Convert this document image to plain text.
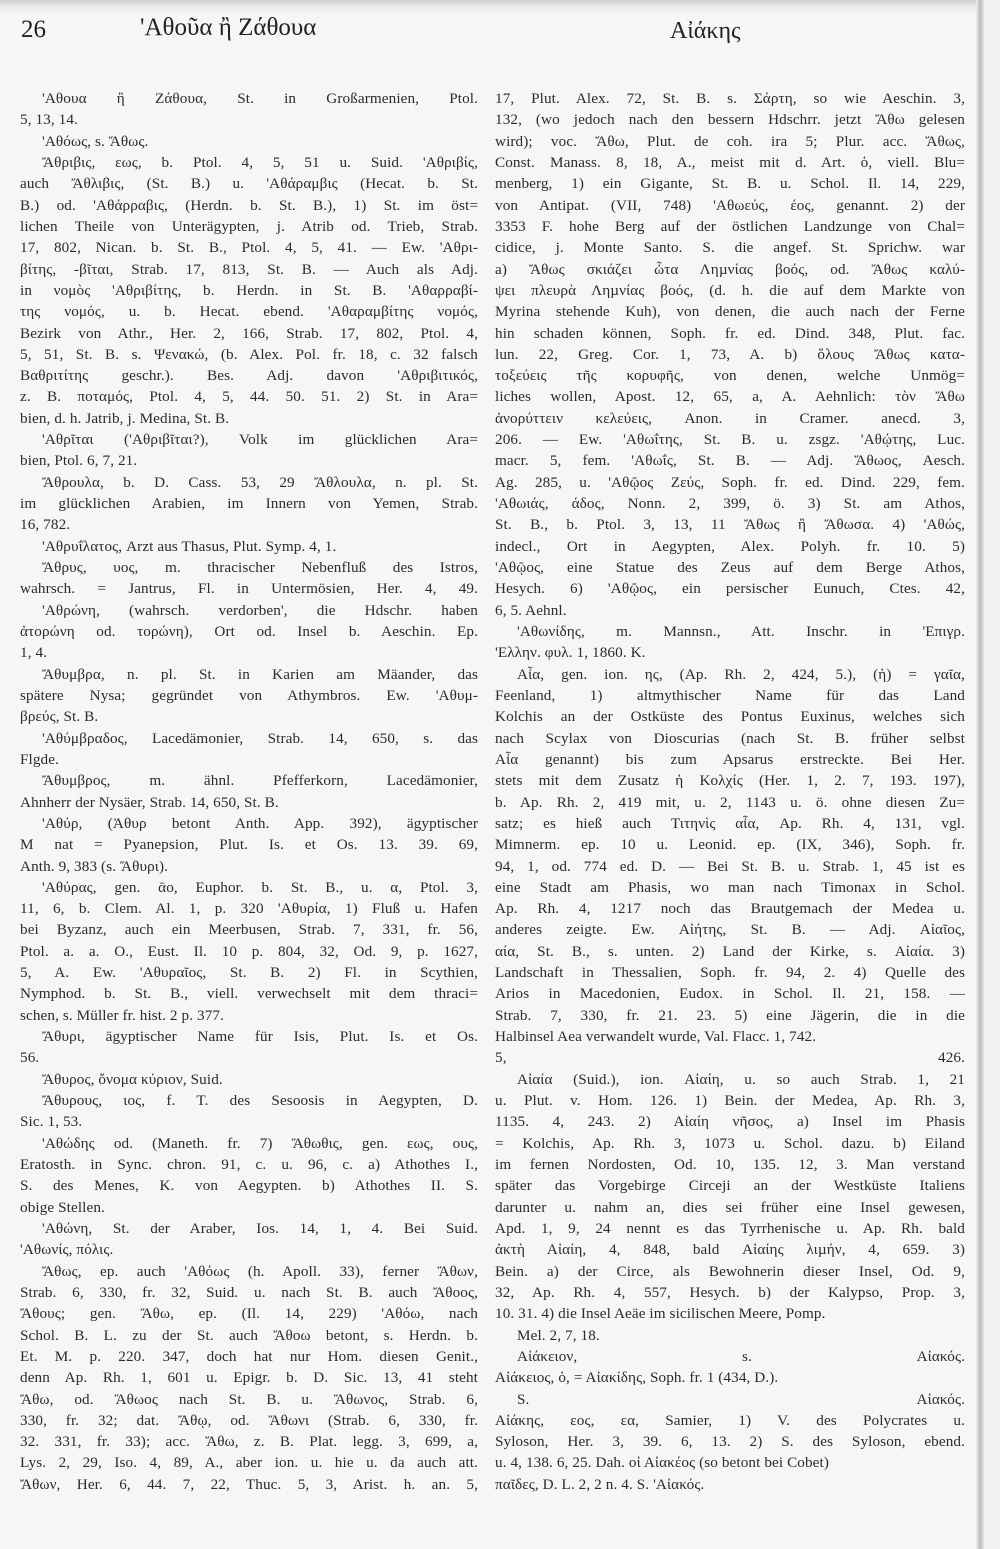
26	'Αθοῦα ἢ Ζάθουα	Αἰάκης
'Αθουα ἢ Ζάθουα, St. in Großarmenien, Ptol.
5, 13, 14.
'Αθόως, s. Ἄθως.
Ἄθριβις, εως, b. Ptol. 4, 5, 51 u. Suid. 'Αθριβίς,
auch Ἄθλιβις, (St. B.) u. 'Αθάραμβις (Hecat. b. St.
B.) od. 'Αθάρραβις, (Herdn. b. St. B.), 1) St. im öst=
lichen Theile von Unterägypten, j. Atrib od. Trieb, Strab.
17, 802, Nican. b. St. B., Ptol. 4, 5, 41. — Ew. 'Αθρι-
βίτης, -βῖται, Strab. 17, 813, St. B. — Auch als Adj.
in νομὸς 'Αθριβίτης, b. Herdn. in St. B. 'Αθαρραβί-
της νομός, u. b. Hecat. ebend. 'Αθαραμβίτης νομός,
Bezirk von Athr., Her. 2, 166, Strab. 17, 802, Ptol. 4,
5, 51, St. B. s. Ψενακώ, (b. Alex. Pol. fr. 18, c. 32 falsch
Βαθριτίτης geschr.). Bes. Adj. davon 'Αθριβιτικός,
z. B. ποταμός, Ptol. 4, 5, 44. 50. 51. 2) St. in Ara=
bien, d. h. Jatrib, j. Medina, St. B.
'Αθρῖται ('Αθριβῖται?), Volk im glücklichen Ara=
bien, Ptol. 6, 7, 21.
Ἄθρουλα, b. D. Cass. 53, 29 Ἄθλουλα, n. pl. St.
im glücklichen Arabien, im Innern von Yemen, Strab.
16, 782.
'Αθρυΐλατος, Arzt aus Thasus, Plut. Symp. 4, 1.
Ἄθρυς, υος, m. thracischer Nebenfluß des Istros,
wahrsch. = Jantrus, Fl. in Untermösien, Her. 4, 49.
'Αθρώνη, (wahrsch. verdorben', die Hdschr. haben
ἀτορώνη od. τορώνη), Ort od. Insel b. Aeschin. Ep.
1, 4.
Ἄθυμβρα, n. pl. St. in Karien am Mäander, das
spätere Nysa; gegründet von Athymbros. Ew. 'Αθυμ-
βρεύς, St. B.
'Αθύμβραδος, Lacedämonier, Strab. 14, 650, s. das
Flgde.
Ἄθυμβρος, m. ähnl. Pfefferkorn, Lacedämonier,
Ahnherr der Nysäer, Strab. 14, 650, St. B.
'Αθύρ, (Ἀθυρ betont Anth. App. 392), ägyptischer
M nat = Pyanepsion, Plut. Is. et Os. 13. 39. 69,
Anth. 9, 383 (s. Ἄθυρι).
'Αθύρας, gen. ᾱο, Euphor. b. St. B., u. α, Ptol. 3,
11, 6, b. Clem. Al. 1, p. 320 'Αθυρία, 1) Fluß u. Hafen
bei Byzanz, auch ein Meerbusen, Strab. 7, 331, fr. 56,
Ptol. a. a. O., Eust. Il. 10 p. 804, 32, Od. 9, p. 1627,
5, A. Ew. 'Αθυραῖος, St. B. 2) Fl. in Scythien,
Nymphod. b. St. B., viell. verwechselt mit dem thraci=
schen, s. Müller fr. hist. 2 p. 377.
Ἄθυρι, ägyptischer Name für Isis, Plut. Is. et Os.
56.
Ἄθυρος, ὄνομα κύριον, Suid.
Ἄθυρους, ιος, f. T. des Sesoosis in Aegypten, D.
Sic. 1, 53.
'Αθώδης od. (Maneth. fr. 7) Ἄθωθις, gen. εως, ους,
Eratosth. in Sync. chron. 91, c. u. 96, c. a) Athothes I.,
S. des Menes, K. von Aegypten. b) Athothes II. S.
obige Stellen.
'Αθώνη, St. der Araber, Ios. 14, 1, 4. Bei Suid.
'Αθωνίς, πόλις.
Ἄθως, ep. auch 'Αθόως (h. Apoll. 33), ferner Ἄθων,
Strab. 6, 330, fr. 32, Suid. u. nach St. B. auch Ἄθοος,
Ἄθους; gen. Ἄθω, ep. (Il. 14, 229) 'Αθόω, nach
Schol. B. L. zu der St. auch Ἄθοω betont, s. Herdn. b.
Et. M. p. 220. 347, doch hat nur Hom. diesen Genit.,
denn Ap. Rh. 1, 601 u. Epigr. b. D. Sic. 13, 41 steht
Ἄθω, od. Ἄθωος nach St. B. u. Ἄθωνος, Strab. 6,
330, fr. 32; dat. Ἄθῳ, od. Ἄθωνι (Strab. 6, 330, fr.
32. 331, fr. 33); acc. Ἄθω, z. B. Plat. legg. 3, 699, a,
Lys. 2, 29, Iso. 4, 89, A., aber ion. u. hie u. da auch att.
Ἄθων, Her. 6, 44. 7, 22, Thuc. 5, 3, Arist. h. an. 5,
17, Plut. Alex. 72, St. B. s. Σάρτη, so wie Aeschin. 3,
132, (wo jedoch nach den bessern Hdschrr. jetzt Ἄθω gelesen
wird); voc. Ἄθω, Plut. de coh. ira 5; Plur. acc. Ἄθως,
Const. Manass. 8, 18, A., meist mit d. Art. ὁ, viell. Blu=
menberg, 1) ein Gigante, St. B. u. Schol. Il. 14, 229,
von Antipat. (VII, 748) 'Αθωεύς, έος, genannt. 2) der
3353 F. hohe Berg auf der östlichen Landzunge von Chal=
cidice, j. Monte Santo. S. die angef. St. Sprichw. war
a) Ἄθως σκιάζει ὦτα Ληµνίας βοός, od. Ἄθως καλύ-
ψει πλευρὰ Ληµνίας βοός, (d. h. die auf dem Markte von
Myrina stehende Kuh), von denen, die auch nach der Ferne
hin schaden können, Soph. fr. ed. Dind. 348, Plut. fac.
lun. 22, Greg. Cor. 1, 73, A. b) ὅλους Ἄθως κατα-
τοξεύεις τῆς κορυφῆς, von denen, welche Unmög=
liches wollen, Apost. 12, 65, a, A. Aehnlich: τὸν Ἄθω
ἀνορύττειν κελεύεις, Anon. in Cramer. anecd. 3,
206. — Ew. 'Αθωΐτης, St. B. u. zsgz. 'Αθῴτης, Luc.
macr. 5, fem. 'Αθωΐς, St. B. — Adj. Ἄθωος, Aesch.
Ag. 285, u. 'Αθῷος Ζεύς, Soph. fr. ed. Dind. 229, fem.
'Αθωιάς, άδος, Nonn. 2, 399, ö. 3) St. am Athos,
St. B., b. Ptol. 3, 13, 11 Ἄθως ἢ Ἄθωσα. 4) 'Αθώς,
indecl., Ort in Aegypten, Alex. Polyh. fr. 10. 5)
'Αθῷος, eine Statue des Zeus auf dem Berge Athos,
Hesych. 6) 'Αθῷος, ein persischer Eunuch, Ctes. 42,
6, 5. Aehnl.
'Αθωνίδης, m. Mannsn., Att. Inschr. in 'Επιγρ.
'Ελλην. φυλ. 1, 1860. K.
Αἶα, gen. ion. ης, (Ap. Rh. 2, 424, 5.), (ἡ) = γαῖα,
Feenland, 1) altmythischer Name für das Land
Kolchis an der Ostküste des Pontus Euxinus, welches sich
nach Scylax von Dioscurias (nach St. B. früher selbst
Αἶα genannt) bis zum Apsarus erstreckte. Bei Her.
stets mit dem Zusatz ἡ Κολχίς (Her. 1, 2. 7, 193. 197),
b. Ap. Rh. 2, 419 mit, u. 2, 1143 u. ö. ohne diesen Zu=
satz; es hieß auch Τιτηνὶς αἶα, Ap. Rh. 4, 131, vgl.
Mimnerm. ep. 10 u. Leonid. ep. (IX, 346), Soph. fr.
94, 1, od. 774 ed. D. — Bei St. B. u. Strab. 1, 45 ist es
eine Stadt am Phasis, wo man nach Timonax in Schol.
Ap. Rh. 4, 1217 noch das Brautgemach der Medea u.
anderes zeigte. Ew. Αἰήτης, St. B. — Adj. Αἰαῖος,
αία, St. B., s. unten. 2) Land der Kirke, s. Αἰαία. 3)
Landschaft in Thessalien, Soph. fr. 94, 2. 4) Quelle des
Arios in Macedonien, Eudox. in Schol. Il. 21, 158. —
Strab. 7, 330, fr. 21. 23. 5) eine Jägerin, die in die
Halbinsel Aea verwandelt wurde, Val. Flacc. 1, 742.
5, 426.
Αἰαία (Suid.), ion. Αἰαίη, u. so auch Strab. 1, 21
u. Plut. v. Hom. 126. 1) Bein. der Medea, Ap. Rh. 3,
1135. 4, 243. 2) Αἰαίη νῆσος, a) Insel im Phasis
= Kolchis, Ap. Rh. 3, 1073 u. Schol. dazu. b) Eiland
im fernen Nordosten, Od. 10, 135. 12, 3. Man verstand
später das Vorgebirge Circeji an der Westküste Italiens
darunter u. nahm an, dies sei früher eine Insel gewesen,
Apd. 1, 9, 24 nennt es das Tyrrhenische u. Ap. Rh. bald
ἀκτὴ Αἰαίη, 4, 848, bald Αἰαίης λιµήν, 4, 659. 3)
Bein. a) der Circe, als Bewohnerin dieser Insel, Od. 9,
32, Ap. Rh. 4, 557, Hesych. b) der Kalypso, Prop. 3,
10. 31. 4) die Insel Aeäe im sicilischen Meere, Pomp.
Mel. 2, 7, 18.
Αἰάκειον, s. Αἰακός.
Αἰάκειος, ὁ, = Αἰακίδης, Soph. fr. 1 (434, D.).
S. Αἰακός.
Αἰάκης, εος, εα, Samier, 1) V. des Polycrates u.
Syloson, Her. 3, 39. 6, 13. 2) S. des Syloson, ebend.
u. 4, 138. 6, 25. Dah. οἱ Αἰακέος (so betont bei Cobet)
παῖδες, D. L. 2, 2 n. 4. S. 'Αἰακός.
